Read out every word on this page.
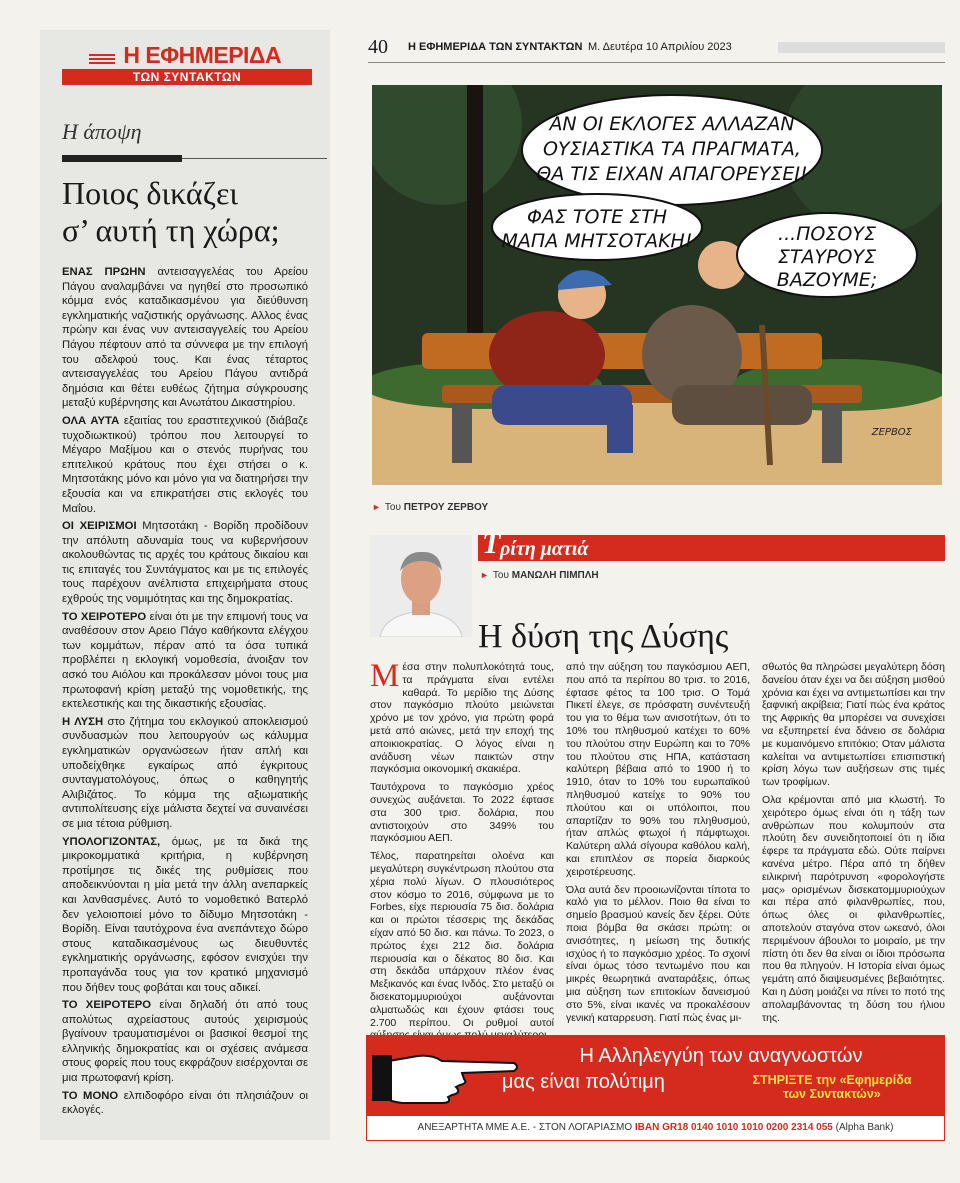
Η ΕΦΗΜΕΡΙΔΑ
ΤΩΝ ΣΥΝΤΑΚΤΩΝ
Η άποψη
Ποιος δικάζει
σ’ αυτή τη χώρα;

ΕΝΑΣ ΠΡΩΗΝ αντεισαγγελέας του Αρείου Πάγου αναλαμβάνει να ηγηθεί στο προσωπικό κόμμα ενός καταδικασμένου για διεύθυνση εγκληματικής ναζιστικής οργάνωσης. Αλλος ένας πρώην και ένας νυν αντεισαγγελείς του Αρείου Πάγου πέφτουν από τα σύννεφα με την επιλογή του αδελφού τους. Και ένας τέταρτος αντεισαγγελέας του Αρείου Πάγου αντιδρά δημόσια και θέτει ευθέως ζήτημα σύγκρουσης μεταξύ κυβέρνησης και Ανωτάτου Δικαστηρίου.

ΟΛΑ ΑΥΤΑ εξαιτίας του εραστιτεχνικού (διάβαζε τυχοδιωκτικού) τρόπου που λειτουργεί το Μέγαρο Μαξίμου και ο στενός πυρήνας του επιτελικού κράτους που έχει στήσει ο κ. Μητσοτάκης μόνο και μόνο για να διατηρήσει την εξουσία και να επικρατήσει στις εκλογές του Μαΐου.

ΟΙ ΧΕΙΡΙΣΜΟΙ Μητσοτάκη - Βορίδη προδίδουν την απόλυτη αδυναμία τους να κυβερνήσουν ακολουθώντας τις αρχές του κράτους δικαίου και τις επιταγές του Συντάγματος και με τις επιλογές τους παρέχουν ανέλπιστα επιχειρήματα στους εχθρούς της νομιμότητας και της δημοκρατίας.

ΤΟ ΧΕΙΡΟΤΕΡΟ είναι ότι με την επιμονή τους να αναθέσουν στον Αρειο Πάγο καθήκοντα ελέγχου των κομμάτων, πέραν από τα όσα τυπικά προβλέπει η εκλογική νομοθεσία, άνοιξαν τον ασκό του Αιόλου και προκάλεσαν μόνοι τους μια πρωτοφανή κρίση μεταξύ της νομοθετικής, της εκτελεστικής και της δικαστικής εξουσίας.

Η ΛΥΣΗ στο ζήτημα του εκλογικού αποκλεισμού συνδυασμών που λειτουργούν ως κάλυμμα εγκληματικών οργανώσεων ήταν απλή και υποδείχθηκε εγκαίρως από έγκριτους συνταγματολόγους, όπως ο καθηγητής Αλιβιζάτος. Το κόμμα της αξιωματικής αντιπολίτευσης είχε μάλιστα δεχτεί να συναινέσει σε μια τέτοια ρύθμιση.

ΥΠΟΛΟΓΙΖΟΝΤΑΣ, όμως, με τα δικά της μικροκομματικά κριτήρια, η κυβέρνηση προτίμησε τις δικές της ρυθμίσεις που αποδεικνύονται η μία μετά την άλλη ανεπαρκείς και λανθασμένες. Αυτό το νομοθετικό Βατερλό δεν γελοιοποιεί μόνο το δίδυμο Μητσοτάκη - Βορίδη. Είναι ταυτόχρονα ένα ανεπάντεχο δώρο στους καταδικασμένους ως διευθυντές εγκληματικής οργάνωσης, εφόσον ενισχύει την προπαγάνδα τους για τον κρατικό μηχανισμό που δήθεν τους φοβάται και τους αδικεί.

ΤΟ ΧΕΙΡΟΤΕΡΟ είναι δηλαδή ότι από τους απολύτως αχρείαστους αυτούς χειρισμούς βγαίνουν τραυματισμένοι οι βασικοί θεσμοί της ελληνικής δημοκρατίας και οι σχέσεις ανάμεσα στους φορείς που τους εκφράζουν εισέρχονται σε μια πρωτοφανή κρίση.

ΤΟ ΜΟΝΟ ελπιδοφόρο είναι ότι πλησιάζουν οι εκλογές.

40 Η ΕΦΗΜΕΡΙΔΑ ΤΩΝ ΣΥΝΤΑΚΤΩΝ Μ. Δευτέρα 10 Απριλίου 2023
ΑΝ ΟΙ ΕΚΛΟΓΕΣ ΑΛΛΑΖΑΝ
ΟΥΣΙΑΣΤΙΚΑ ΤΑ ΠΡΑΓΜΑΤΑ,
ΘΑ ΤΙΣ ΕΙΧΑΝ ΑΠΑΓΟΡΕΥΣΕΙ!
ΦΑΣ ΤΟΤΕ ΣΤΗ
ΜΑΠΑ ΜΗΤΣΟΤΑΚΗ!	...ΠΟΣΟΥΣ
ΣΤΑΥΡΟΥΣ
ΒΑΖΟΥΜΕ;
ΖΕΡΒΟΣ
► Του ΠΕΤΡΟΥ ΖΕΡΒΟΥ
Τ ρίτη ματιά
► Του ΜΑΝΩΛΗ ΠΙΜΠΛΗ
Η δύση της Δύσης

Μέσα στην πολυπλοκότητά τους, τα πράγματα είναι εντέλει καθαρά. Το μερίδιο της Δύσης στον παγκόσμιο πλούτο μειώνεται χρόνο με τον χρόνο, για πρώτη φορά μετά από αιώνες, μετά την εποχή της αποικιοκρατίας. Ο λόγος είναι η ανάδυση νέων παικτών στην παγκόσμια οικονομική σκακιέρα.

Ταυτόχρονα το παγκόσμιο χρέος συνεχώς αυξάνεται. Το 2022 έφτασε στα 300 τρισ. δολάρια, που αντιστοιχούν στο 349% του παγκόσμιου ΑΕΠ.

Τέλος, παρατηρείται ολοένα και μεγαλύτερη συγκέντρωση πλούτου στα χέρια πολύ λίγων. Ο πλουσιότερος στον κόσμο το 2016, σύμφωνα με το Forbes, είχε περιουσία 75 δισ. δολάρια και οι πρώτοι τέσσερις της δεκάδας είχαν από 50 δισ. και πάνω. Το 2023, ο πρώτος έχει 212 δισ. δολάρια περιουσία και ο δέκατος 80 δισ. Και στη δεκάδα υπάρχουν πλέον ένας Μεξικανός και ένας Ινδός. Στο μεταξύ οι δισεκατομμυριούχοι αυξάνονται αλματωδώς και έχουν φτάσει τους 2.700 περίπου. Οι ρυθμοί αυτοί

από την αύξηση του παγκόσμιου ΑΕΠ, που από τα περίπου 80 τρισ. το 2016, έφτασε φέτος τα 100 τρισ. Ο Τομά Πικετί έλεγε, σε πρόσφατη συνέντευξή του για το θέμα των ανισοτήτων, ότι το 10% του πληθυσμού κατέχει το 60% του πλούτου στην Ευρώπη και το 70% του πλούτου στις ΗΠΑ, κατάσταση καλύτερη βέβαια από το 1900 ή το 1910, όταν το 10% του ευρωπαϊκού πληθυσμού κατείχε το 90% του πλούτου και οι υπόλοιποι, που απαρτίζαν το 90% του πληθυσμού, ήταν απλώς φτωχοί ή πάμφτωχοι. Καλύτερη αλλά σίγουρα καθόλου καλή, και επιπλέον σε πορεία διαρκούς χειροτέρευσης.

Όλα αυτά δεν προοιωνίζονται τίποτα το καλό για το μέλλον. Ποιο θα είναι το σημείο βρασμού κανείς δεν ξέρει. Ούτε ποια βόμβα θα σκάσει πρώτη: οι ανισότητες, η μείωση της δυτικής ισχύος ή το παγκόσμιο χρέος. Το σχοινί είναι όμως τόσο τεντωμένο που και μικρές θεωρητικά αναταράξεις, όπως μια αύξηση των επιτοκίων δανεισμού στο 5%, είναι ικανές να προκαλέσουν γενική καταρρευση. Γιατί πώς ένας μι-

σθωτός θα πληρώσει μεγαλύτερη δόση δανείου όταν έχει να δει αύξηση μισθού χρόνια και έχει να αντιμετωπίσει και την ξαφνική ακρίβεια; Γιατί πώς ένα κράτος της Αφρικής θα μπορέσει να συνεχίσει να εξυπηρετεί ένα δάνειο σε δολάρια με κυμαινόμενο επιτόκιο; Οταν μάλιστα καλείται να αντιμετωπίσει επισιτιστική κρίση λόγω των αυξήσεων στις τιμές των τροφίμων.

Ολα κρέμονται από μια κλωστή. Το χειρότερο όμως είναι ότι η τάξη των ανθρώπων που κολυμπούν στα πλούτη δεν συνειδητοποιεί ότι η ίδια έφερε τα πράγματα εδώ. Ούτε παίρνει κανένα μέτρο. Πέρα από τη δήθεν ειλικρινή παρότρυνση «φορολογήστε μας» ορισμένων δισεκατομμυριούχων και πέρα από φιλανθρωπίες, που, όπως όλες οι φιλανθρωπίες, αποτελούν σταγόνα στον ωκεανό, όλοι περιμένουν άβουλοι το μοιραίο, με την πίστη ότι δεν θα είναι οι ίδιοι πρόσωπα που θα πληγούν. Η Ιστορία είναι όμως γεμάτη από διαψευσμένες βεβαιότητες. Και η Δύση μοιάζει να πίνει το ποτό της απολαμβάνοντας τη δύση του ήλιου της.

Η Αλληλεγγύη των αναγνωστών
μας είναι πολύτιμη	ΣΤΗΡΙΞΤΕ την «Εφημερίδα
των Συντακτών»
ΑΝΕΞΑΡΤΗΤΑ ΜΜΕ Α.Ε. - ΣΤΟΝ ΛΟΓΑΡΙΑΣΜΟ IBAN GR18 0140 1010 1010 0200 2314 055 (Alpha Bank)
